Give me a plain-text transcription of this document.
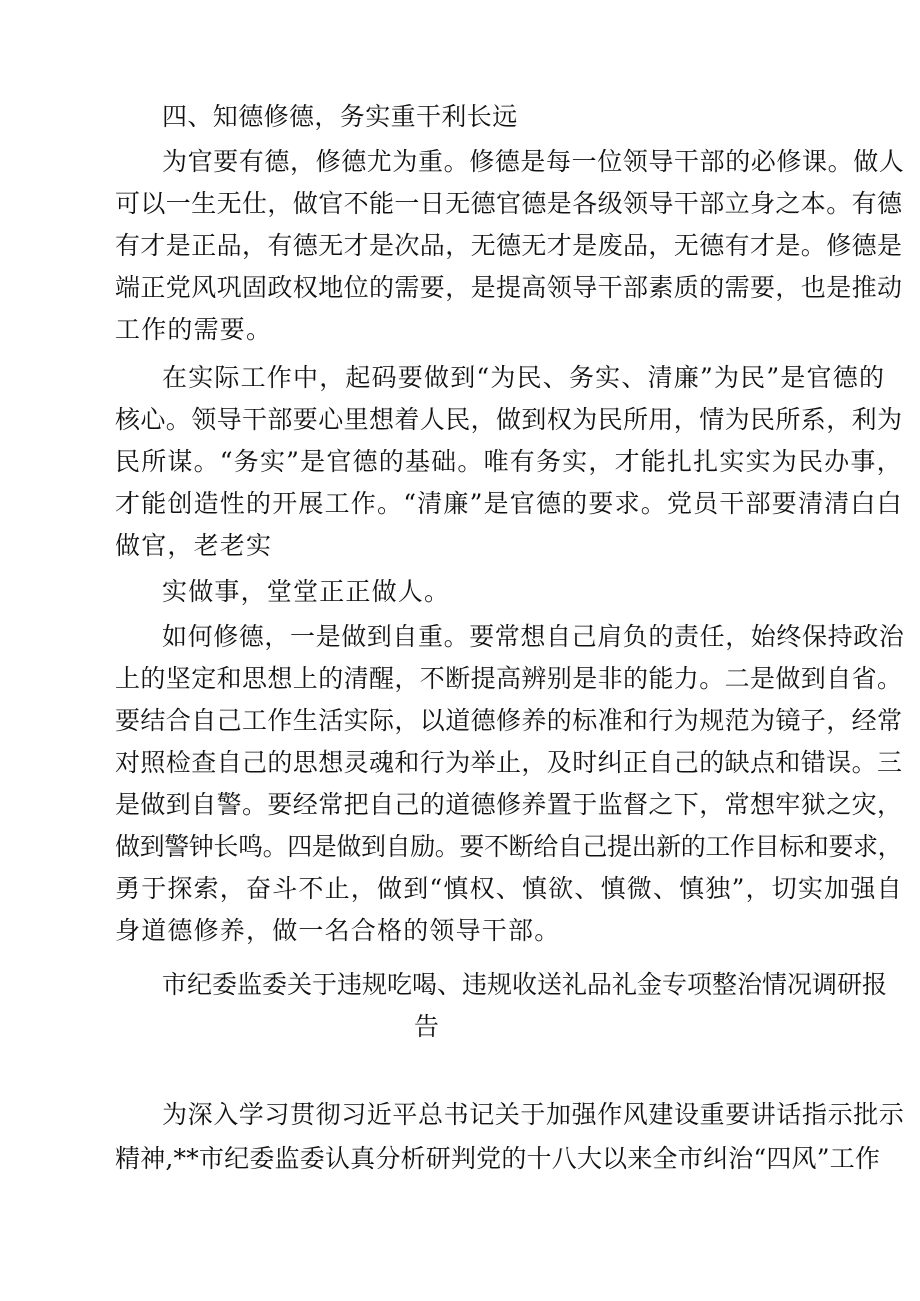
四、知德修德，务实重干利长远
为官要有德，修德尤为重。修德是每一位领导干部的必修课。做人
可以一生无仕，做官不能一日无德官德是各级领导干部立身之本。有德
有才是正品，有德无才是次品，无德无才是废品，无德有才是。修德是
端正党风巩固政权地位的需要，是提高领导干部素质的需要，也是推动
工作的需要。
在实际工作中，起码要做到“为民、务实、清廉”为民”是官德的
核心。领导干部要心里想着人民，做到权为民所用，情为民所系，利为
民所谋。“务实”是官德的基础。唯有务实，才能扎扎实实为民办事，
才能创造性的开展工作。“清廉”是官德的要求。党员干部要清清白白
做官，老老实
实做事，堂堂正正做人。
如何修德，一是做到自重。要常想自己肩负的责任，始终保持政治
上的坚定和思想上的清醒，不断提高辨别是非的能力。二是做到自省。
要结合自己工作生活实际，以道德修养的标准和行为规范为镜子，经常
对照检查自己的思想灵魂和行为举止，及时纠正自己的缺点和错误。三
是做到自警。要经常把自己的道德修养置于监督之下，常想牢狱之灾，
做到警钟长鸣。四是做到自励。要不断给自己提出新的工作目标和要求，
勇于探索，奋斗不止，做到“慎权、慎欲、慎微、慎独”，切实加强自
身道德修养，做一名合格的领导干部。
市纪委监委关于违规吃喝、违规收送礼品礼金专项整治情况调研报
告
为深入学习贯彻习近平总书记关于加强作风建设重要讲话指示批示
精神,**市纪委监委认真分析研判党的十八大以来全市纠治“四风”工作
